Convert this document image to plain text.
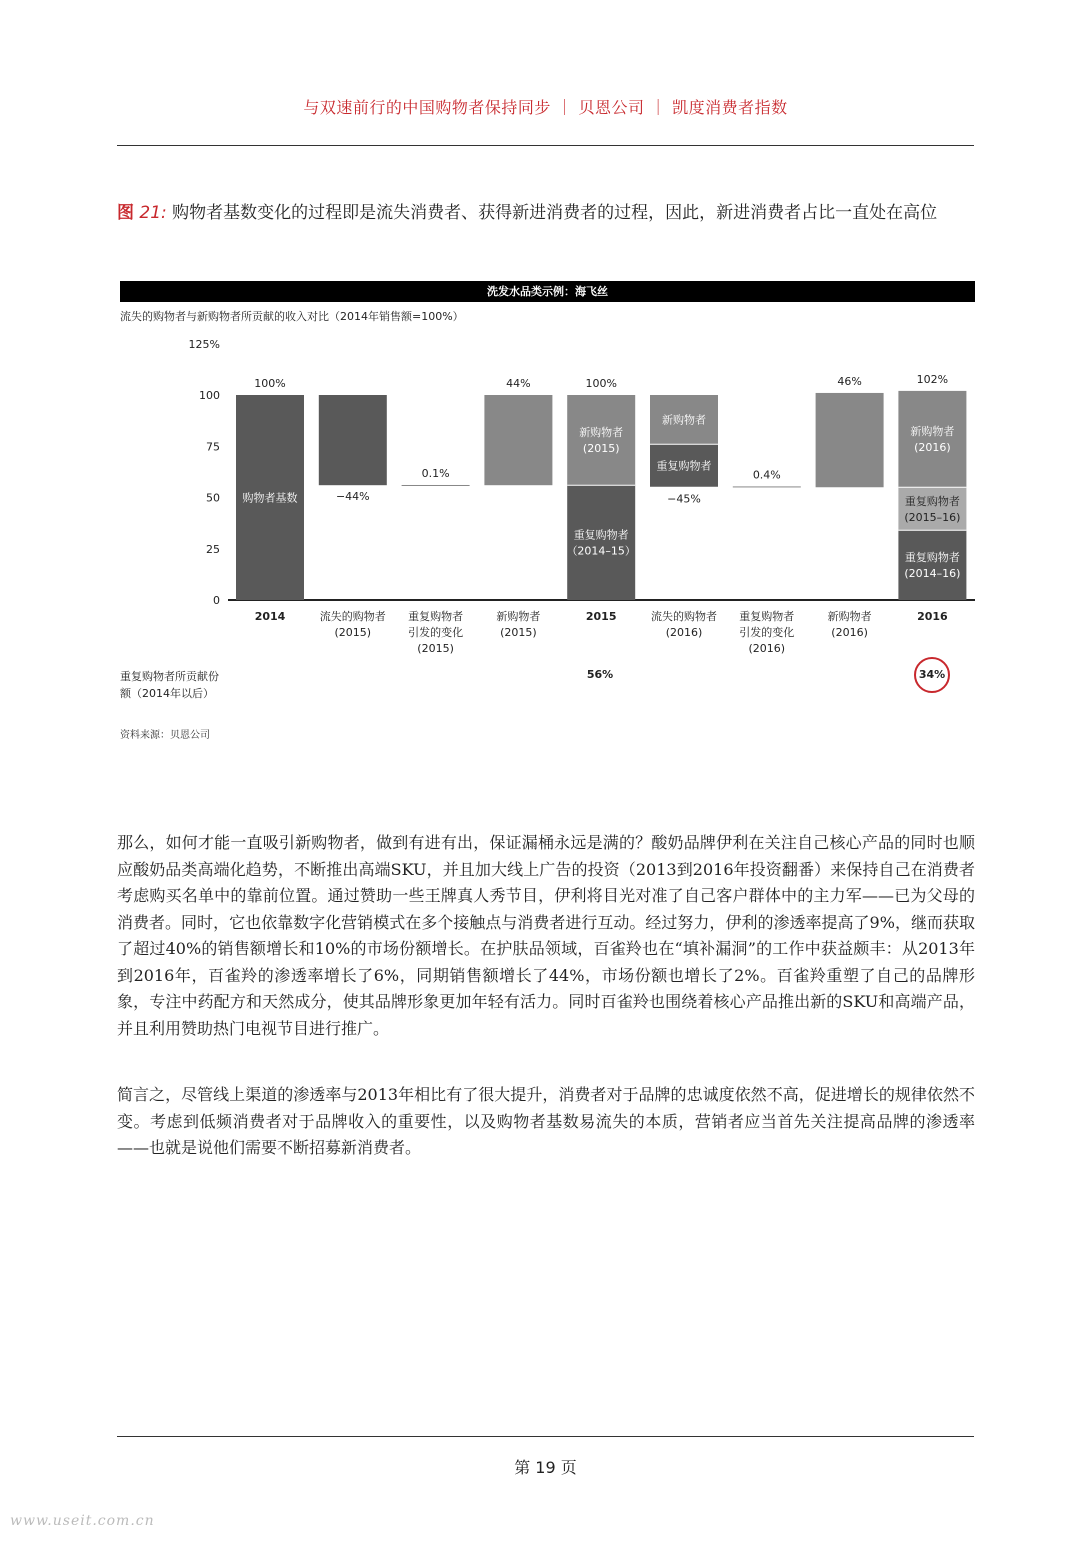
与双速前行的中国购物者保持同步 ｜ 贝恩公司 ｜ 凯度消费者指数
图 21: 购物者基数变化的过程即是流失消费者、获得新进消费者的过程，因此，新进消费者占比一直处在高位
洗发水品类示例：海飞丝
流失的购物者与新购物者所贡献的收入对比（2014年销售额=100%）
0
25
50
75
100
125%
购物者基数
100%
2014
−44%
流失的购物者
(2015)
0.1%
重复购物者
引发的变化
(2015)
44%
新购物者
(2015)
重复购物者
（2014–15）
新购物者
(2015)
100%
2015
重复购物者
新购物者
−45%
流失的购物者
(2016)
0.4%
重复购物者
引发的变化
(2016)
46%
新购物者
(2016)
重复购物者
(2014–16)
重复购物者
(2015–16)
新购物者
(2016)
102%
2016
重复购物者所贡献份
额（2014年以后）
56%	34%
资料来源：贝恩公司

那么，如何才能一直吸引新购物者，做到有进有出，保证漏桶永远是满的？酸奶品牌伊利在关注自己核心产品的同时也顺应酸奶品类高端化趋势，不断推出高端SKU，并且加大线上广告的投资（2013到2016年投资翻番）来保持自己在消费者考虑购买名单中的靠前位置。通过赞助一些王牌真人秀节目，伊利将目光对准了自己客户群体中的主力军——已为父母的消费者。同时，它也依靠数字化营销模式在多个接触点与消费者进行互动。经过努力，伊利的渗透率提高了9%，继而获取了超过40%的销售额增长和10%的市场份额增长。在护肤品领域，百雀羚也在“填补漏洞”的工作中获益颇丰：从2013年到2016年，百雀羚的渗透率增长了6%，同期销售额增长了44%，市场份额也增长了2%。百雀羚重塑了自己的品牌形象，专注中药配方和天然成分，使其品牌形象更加年轻有活力。同时百雀羚也围绕着核心产品推出新的SKU和高端产品，并且利用赞助热门电视节目进行推广。

简言之，尽管线上渠道的渗透率与2013年相比有了很大提升，消费者对于品牌的忠诚度依然不高，促进增长的规律依然不变。考虑到低频消费者对于品牌收入的重要性，以及购物者基数易流失的本质，营销者应当首先关注提高品牌的渗透率——也就是说他们需要不断招募新消费者。

第 19 页
www.useit.com.cn
